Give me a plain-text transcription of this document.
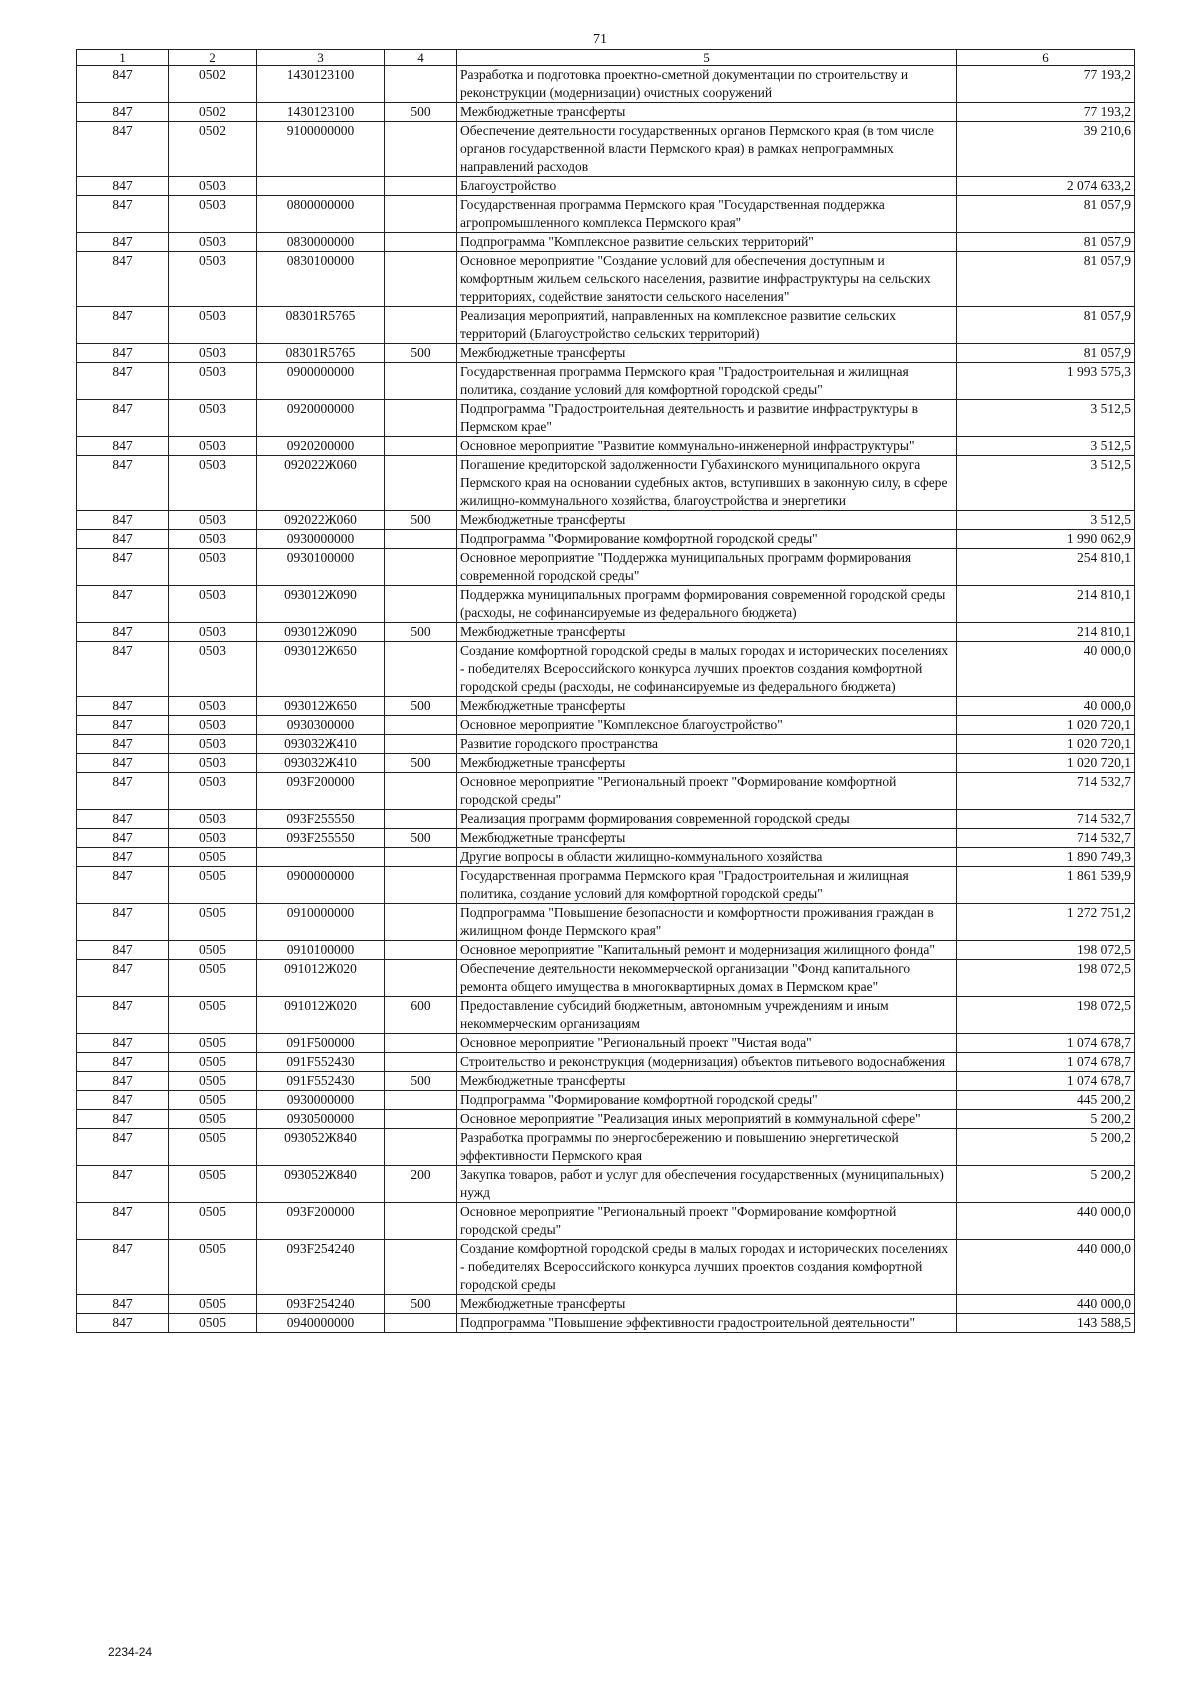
71
1	2	3	4	5	6
847	0502	1430123100		Разработка и подготовка проектно-сметной документации по строительству и реконструкции (модернизации) очистных сооружений	77 193,2
847	0502	1430123100	500	Межбюджетные трансферты	77 193,2
847	0502	9100000000		Обеспечение деятельности государственных органов Пермского края (в том числе органов государственной власти Пермского края) в рамках непрограммных направлений расходов	39 210,6
847	0503			Благоустройство	2 074 633,2
847	0503	0800000000		Государственная программа Пермского края "Государственная поддержка агропромышленного комплекса Пермского края"	81 057,9
847	0503	0830000000		Подпрограмма "Комплексное развитие сельских территорий"	81 057,9
847	0503	0830100000		Основное мероприятие "Создание условий для обеспечения доступным и комфортным жильем сельского населения, развитие инфраструктуры на сельских территориях, содействие занятости сельского населения"	81 057,9
847	0503	08301R5765		Реализация мероприятий, направленных на комплексное развитие сельских территорий (Благоустройство сельских территорий)	81 057,9
847	0503	08301R5765	500	Межбюджетные трансферты	81 057,9
847	0503	0900000000		Государственная программа Пермского края "Градостроительная и жилищная политика, создание условий для комфортной городской среды"	1 993 575,3
847	0503	0920000000		Подпрограмма "Градостроительная деятельность и развитие инфраструктуры в Пермском крае"	3 512,5
847	0503	0920200000		Основное мероприятие "Развитие коммунально-инженерной инфраструктуры"	3 512,5
847	0503	092022Ж060		Погашение кредиторской задолженности Губахинского муниципального округа Пермского края на основании судебных актов, вступивших в законную силу, в сфере жилищно-коммунального хозяйства, благоустройства и энергетики	3 512,5
847	0503	092022Ж060	500	Межбюджетные трансферты	3 512,5
847	0503	0930000000		Подпрограмма "Формирование комфортной городской среды"	1 990 062,9
847	0503	0930100000		Основное мероприятие "Поддержка муниципальных программ формирования современной городской среды"	254 810,1
847	0503	093012Ж090		Поддержка муниципальных программ формирования современной городской среды (расходы, не софинансируемые из федерального бюджета)	214 810,1
847	0503	093012Ж090	500	Межбюджетные трансферты	214 810,1
847	0503	093012Ж650		Создание комфортной городской среды в малых городах и исторических поселениях - победителях Всероссийского конкурса лучших проектов создания комфортной городской среды (расходы, не софинансируемые из федерального бюджета)	40 000,0
847	0503	093012Ж650	500	Межбюджетные трансферты	40 000,0
847	0503	0930300000		Основное мероприятие "Комплексное благоустройство"	1 020 720,1
847	0503	093032Ж410		Развитие городского пространства	1 020 720,1
847	0503	093032Ж410	500	Межбюджетные трансферты	1 020 720,1
847	0503	093F200000		Основное мероприятие "Региональный проект "Формирование комфортной городской среды"	714 532,7
847	0503	093F255550		Реализация программ формирования современной городской среды	714 532,7
847	0503	093F255550	500	Межбюджетные трансферты	714 532,7
847	0505			Другие вопросы в области жилищно-коммунального хозяйства	1 890 749,3
847	0505	0900000000		Государственная программа Пермского края "Градостроительная и жилищная политика, создание условий для комфортной городской среды"	1 861 539,9
847	0505	0910000000		Подпрограмма "Повышение безопасности и комфортности проживания граждан в жилищном фонде Пермского края"	1 272 751,2
847	0505	0910100000		Основное мероприятие "Капитальный ремонт и модернизация жилищного фонда"	198 072,5
847	0505	091012Ж020		Обеспечение деятельности некоммерческой организации "Фонд капитального ремонта общего имущества в многоквартирных домах в Пермском крае"	198 072,5
847	0505	091012Ж020	600	Предоставление субсидий бюджетным, автономным учреждениям и иным некоммерческим организациям	198 072,5
847	0505	091F500000		Основное мероприятие "Региональный проект "Чистая вода"	1 074 678,7
847	0505	091F552430		Строительство и реконструкция (модернизация) объектов питьевого водоснабжения	1 074 678,7
847	0505	091F552430	500	Межбюджетные трансферты	1 074 678,7
847	0505	0930000000		Подпрограмма "Формирование комфортной городской среды"	445 200,2
847	0505	0930500000		Основное мероприятие "Реализация иных мероприятий в коммунальной сфере"	5 200,2
847	0505	093052Ж840		Разработка программы по энергосбережению и повышению энергетической эффективности Пермского края	5 200,2
847	0505	093052Ж840	200	Закупка товаров, работ и услуг для обеспечения государственных (муниципальных) нужд	5 200,2
847	0505	093F200000		Основное мероприятие "Региональный проект "Формирование комфортной городской среды"	440 000,0
847	0505	093F254240		Создание комфортной городской среды в малых городах и исторических поселениях - победителях Всероссийского конкурса лучших проектов создания комфортной городской среды	440 000,0
847	0505	093F254240	500	Межбюджетные трансферты	440 000,0
847	0505	0940000000		Подпрограмма "Повышение эффективности градостроительной деятельности"	143 588,5
2234-24
